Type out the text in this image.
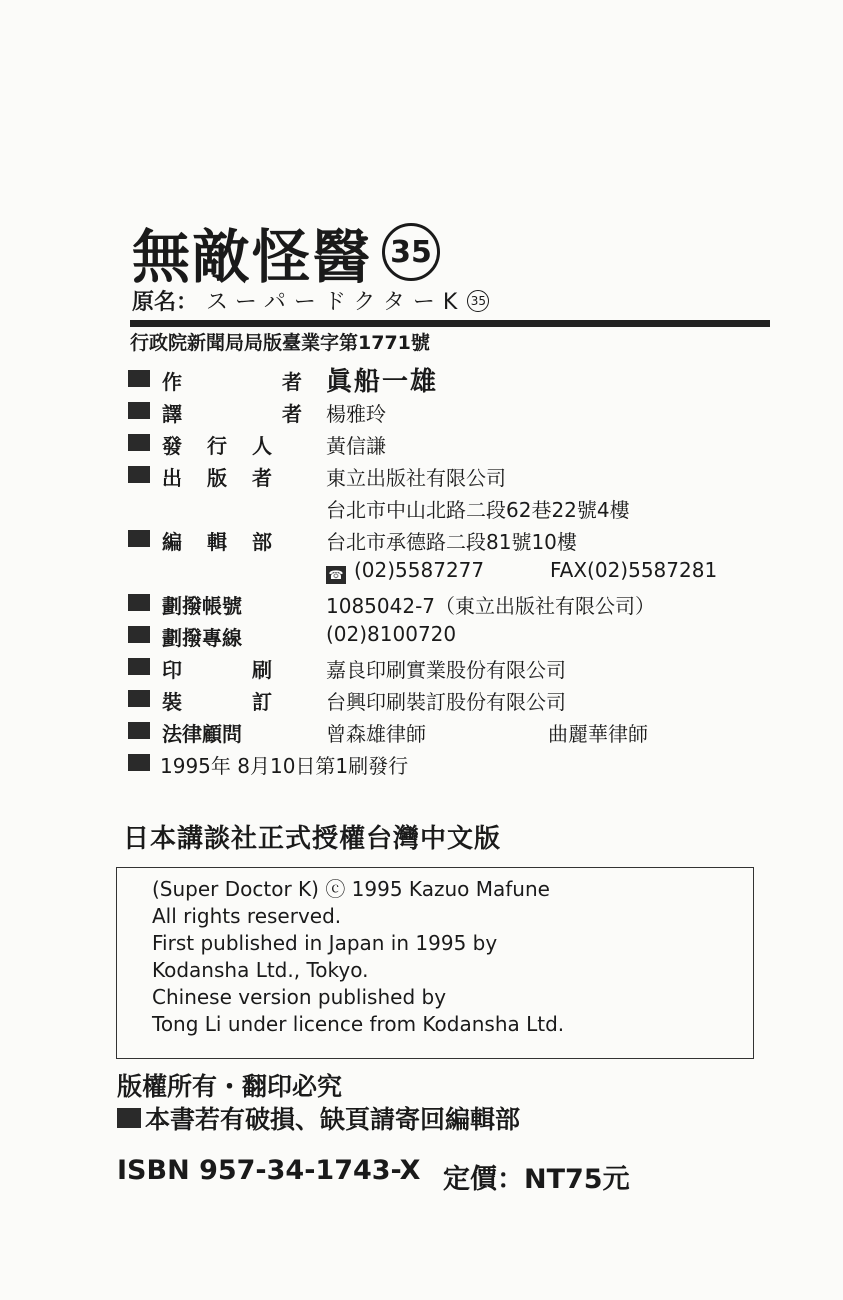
無敵怪醫 35
原名： スーパードクターK 35
行政院新聞局局版臺業字第1771號
作	者 眞船一雄
譯	者 楊雅玲
發 行 人	黃信謙
出 版 者	東立出版社有限公司
台北市中山北路二段62巷22號4樓
編 輯 部	台北市承德路二段81號10樓
☎ (02)5587277	FAX(02)5587281
劃撥帳號	1085042-7（東立出版社有限公司）
劃撥專線	(02)8100720
印	刷	嘉良印刷實業股份有限公司
裝	訂	台興印刷裝訂股份有限公司
法律顧問	曾森雄律師	曲麗華律師
1995年 8月10日第1刷發行
日本講談社正式授權台灣中文版
(Super Doctor K) ⓒ 1995 Kazuo Mafune
All rights reserved.
First published in Japan in 1995 by
Kodansha Ltd., Tokyo.
Chinese version published by
Tong Li under licence from Kodansha Ltd.
版權所有・翻印必究
本書若有破損、缺頁請寄回編輯部
ISBN 957-34-1743-X 定價：NT75元
